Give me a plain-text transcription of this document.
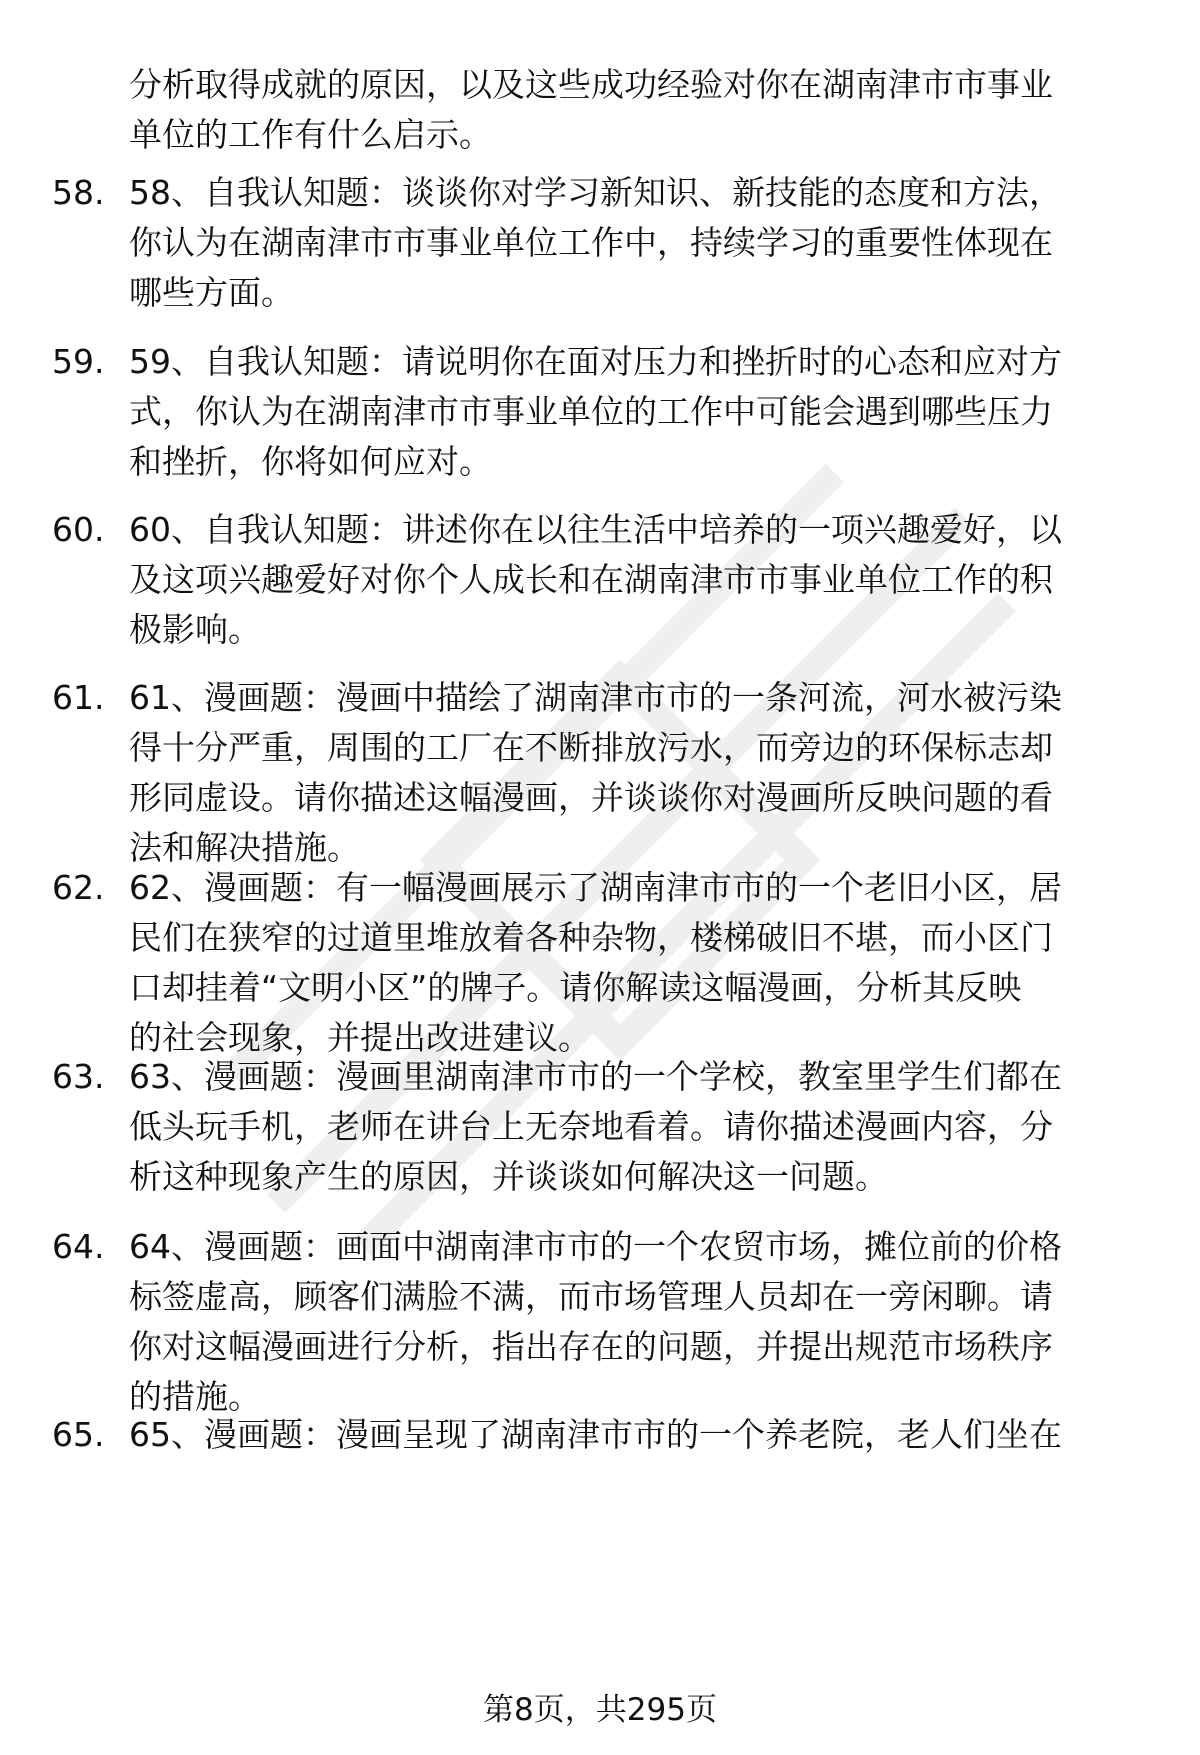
分析取得成就的原因，以及这些成功经验对你在湖南津市市事业
单位的工作有什么启示。
58. 58、自我认知题：谈谈你对学习新知识、新技能的态度和方法，
你认为在湖南津市市事业单位工作中，持续学习的重要性体现在
哪些方面。
59. 59、自我认知题：请说明你在面对压力和挫折时的心态和应对方
式，你认为在湖南津市市事业单位的工作中可能会遇到哪些压力
和挫折，你将如何应对。
60. 60、自我认知题：讲述你在以往生活中培养的一项兴趣爱好，以
及这项兴趣爱好对你个人成长和在湖南津市市事业单位工作的积
极影响。
61. 61、漫画题：漫画中描绘了湖南津市市的一条河流，河水被污染
得十分严重，周围的工厂在不断排放污水，而旁边的环保标志却
形同虚设。请你描述这幅漫画，并谈谈你对漫画所反映问题的看
法和解决措施。
62. 62、漫画题：有一幅漫画展示了湖南津市市的一个老旧小区，居
民们在狭窄的过道里堆放着各种杂物，楼梯破旧不堪，而小区门
口却挂着“文明小区”的牌子。请你解读这幅漫画，分析其反映
的社会现象，并提出改进建议。
63. 63、漫画题：漫画里湖南津市市的一个学校，教室里学生们都在
低头玩手机，老师在讲台上无奈地看着。请你描述漫画内容，分
析这种现象产生的原因，并谈谈如何解决这一问题。
64. 64、漫画题：画面中湖南津市市的一个农贸市场，摊位前的价格
标签虚高，顾客们满脸不满，而市场管理人员却在一旁闲聊。请
你对这幅漫画进行分析，指出存在的问题，并提出规范市场秩序
的措施。
65. 65、漫画题：漫画呈现了湖南津市市的一个养老院，老人们坐在
第8页，共295页
